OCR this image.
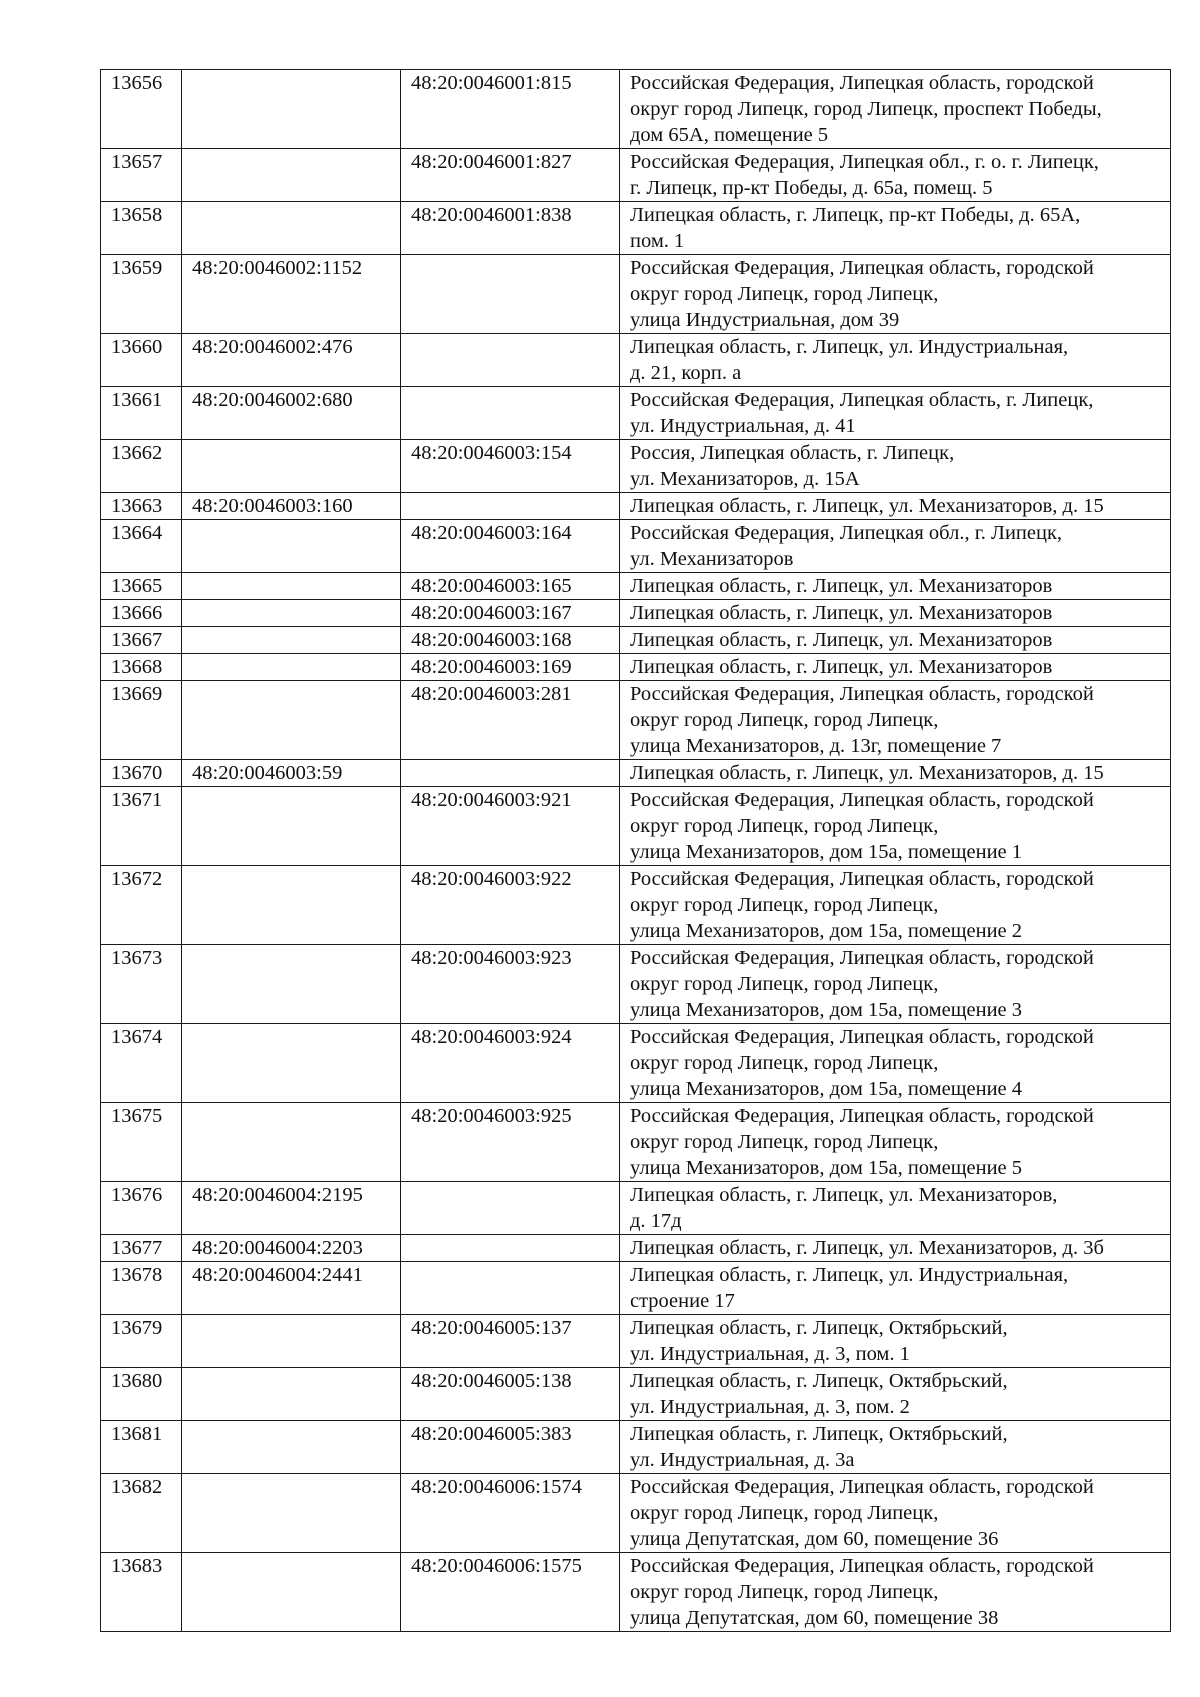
13656		48:20:0046001:815	Российская Федерация, Липецкая область, городской
округ город Липецк, город Липецк, проспект Победы,
дом 65А, помещение 5

13657		48:20:0046001:827	Российская Федерация, Липецкая обл., г. о. г. Липецк,
г. Липецк, пр-кт Победы, д. 65а, помещ. 5

13658		48:20:0046001:838	Липецкая область, г. Липецк, пр-кт Победы, д. 65А,
пом. 1

13659	48:20:0046002:1152		Российская Федерация, Липецкая область, городской
округ город Липецк, город Липецк,
улица Индустриальная, дом 39

13660	48:20:0046002:476		Липецкая область, г. Липецк, ул. Индустриальная,
д. 21, корп. а

13661	48:20:0046002:680		Российская Федерация, Липецкая область, г. Липецк,
ул. Индустриальная, д. 41

13662		48:20:0046003:154	Россия, Липецкая область, г. Липецк,
ул. Механизаторов, д. 15А

13663	48:20:0046003:160		Липецкая область, г. Липецк, ул. Механизаторов, д. 15

13664		48:20:0046003:164	Российская Федерация, Липецкая обл., г. Липецк,
ул. Механизаторов

13665		48:20:0046003:165	Липецкая область, г. Липецк, ул. Механизаторов

13666		48:20:0046003:167	Липецкая область, г. Липецк, ул. Механизаторов

13667		48:20:0046003:168	Липецкая область, г. Липецк, ул. Механизаторов

13668		48:20:0046003:169	Липецкая область, г. Липецк, ул. Механизаторов

13669		48:20:0046003:281	Российская Федерация, Липецкая область, городской
округ город Липецк, город Липецк,
улица Механизаторов, д. 13г, помещение 7

13670	48:20:0046003:59		Липецкая область, г. Липецк, ул. Механизаторов, д. 15

13671		48:20:0046003:921	Российская Федерация, Липецкая область, городской
округ город Липецк, город Липецк,
улица Механизаторов, дом 15а, помещение 1

13672		48:20:0046003:922	Российская Федерация, Липецкая область, городской
округ город Липецк, город Липецк,
улица Механизаторов, дом 15а, помещение 2

13673		48:20:0046003:923	Российская Федерация, Липецкая область, городской
округ город Липецк, город Липецк,
улица Механизаторов, дом 15а, помещение 3

13674		48:20:0046003:924	Российская Федерация, Липецкая область, городской
округ город Липецк, город Липецк,
улица Механизаторов, дом 15а, помещение 4

13675		48:20:0046003:925	Российская Федерация, Липецкая область, городской
округ город Липецк, город Липецк,
улица Механизаторов, дом 15а, помещение 5

13676	48:20:0046004:2195		Липецкая область, г. Липецк, ул. Механизаторов,
д. 17д

13677	48:20:0046004:2203		Липецкая область, г. Липецк, ул. Механизаторов, д. 3б

13678	48:20:0046004:2441		Липецкая область, г. Липецк, ул. Индустриальная,
строение 17

13679		48:20:0046005:137	Липецкая область, г. Липецк, Октябрьский,
ул. Индустриальная, д. 3, пом. 1

13680		48:20:0046005:138	Липецкая область, г. Липецк, Октябрьский,
ул. Индустриальная, д. 3, пом. 2

13681		48:20:0046005:383	Липецкая область, г. Липецк, Октябрьский,
ул. Индустриальная, д. 3а

13682		48:20:0046006:1574	Российская Федерация, Липецкая область, городской
округ город Липецк, город Липецк,
улица Депутатская, дом 60, помещение 36

13683		48:20:0046006:1575	Российская Федерация, Липецкая область, городской
округ город Липецк, город Липецк,
улица Депутатская, дом 60, помещение 38
